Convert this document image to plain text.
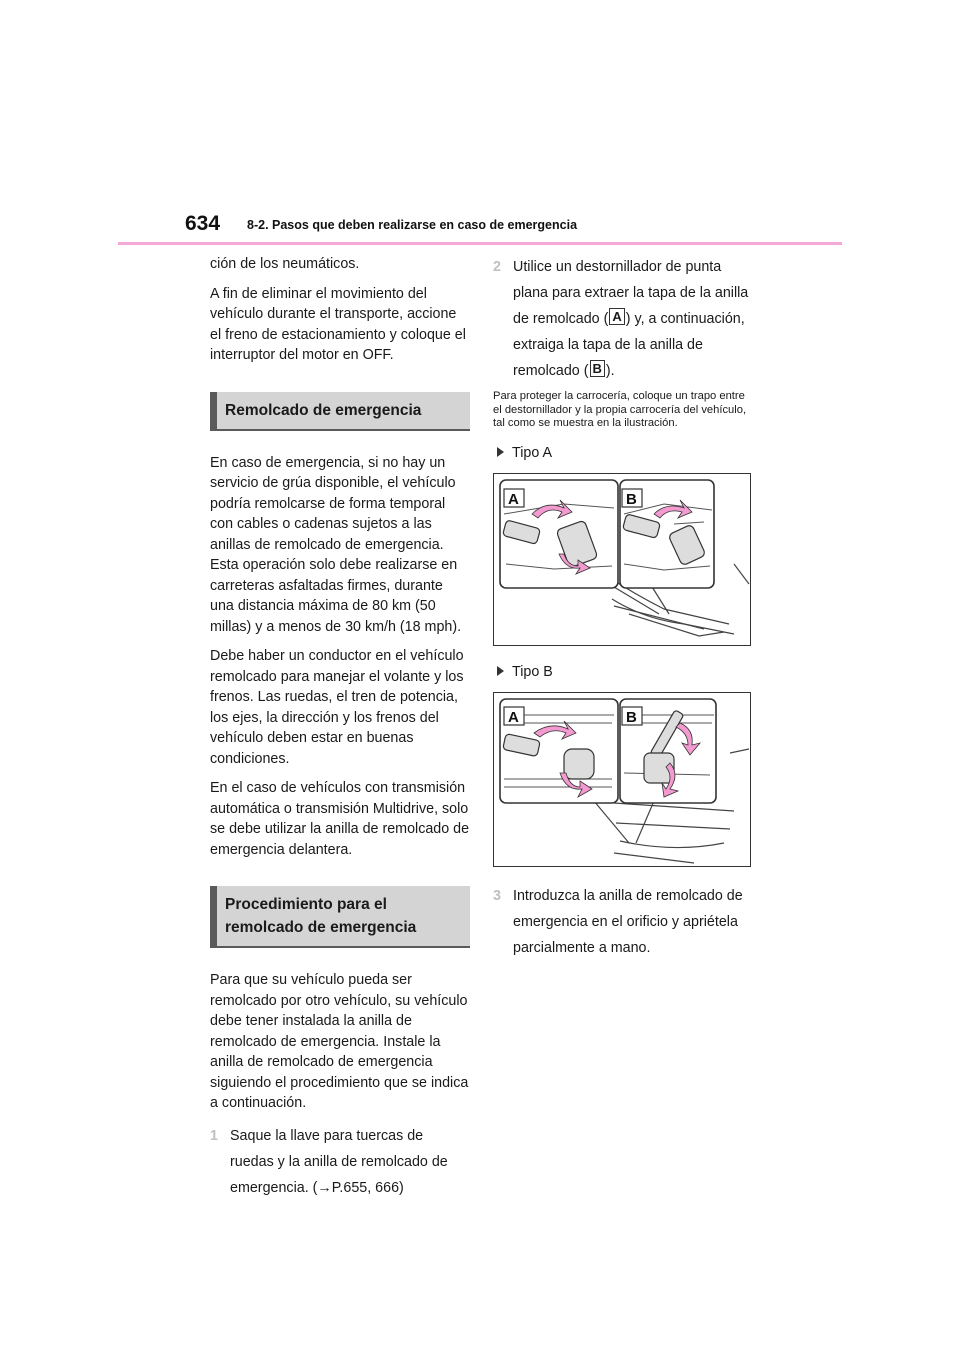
634 8-2. Pasos que deben realizarse en caso de emergencia

ción de los neumáticos.

A fin de eliminar el movimiento del vehículo durante el transporte, accione el freno de estacionamiento y coloque el interruptor del motor en OFF.

Remolcado de emergencia

En caso de emergencia, si no hay un servicio de grúa disponible, el vehículo podría remolcarse de forma temporal con cables o cadenas sujetos a las anillas de remolcado de emergencia. Esta operación solo debe realizarse en carreteras asfaltadas firmes, durante una distancia máxima de 80 km (50 millas) y a menos de 30 km/h (18 mph).

Debe haber un conductor en el vehículo remolcado para manejar el volante y los frenos. Las ruedas, el tren de potencia, los ejes, la dirección y los frenos del vehículo deben estar en buenas condiciones.

En el caso de vehículos con transmisión automática o transmisión Multidrive, solo se debe utilizar la anilla de remolcado de emergencia delantera.

Procedimiento para el remolcado de emergencia

Para que su vehículo pueda ser remolcado por otro vehículo, su vehículo debe tener instalada la anilla de remolcado de emergencia. Instale la anilla de remolcado de emergencia siguiendo el procedimiento que se indica a continuación.

1 Saque la llave para tuercas de ruedas y la anilla de remolcado de emergencia. (→P.655, 666)
2 Utilice un destornillador de punta plana para extraer la tapa de la anilla de remolcado ( A ) y, a continuación, extraiga la tapa de la anilla de remolcado ( B ).

Para proteger la carrocería, coloque un trapo entre el destornillador y la propia carrocería del vehículo, tal como se muestra en la ilustración.

Tipo A
A	B
Tipo B
A	B
3 Introduzca la anilla de remolcado de emergencia en el orificio y apriétela parcialmente a mano.
